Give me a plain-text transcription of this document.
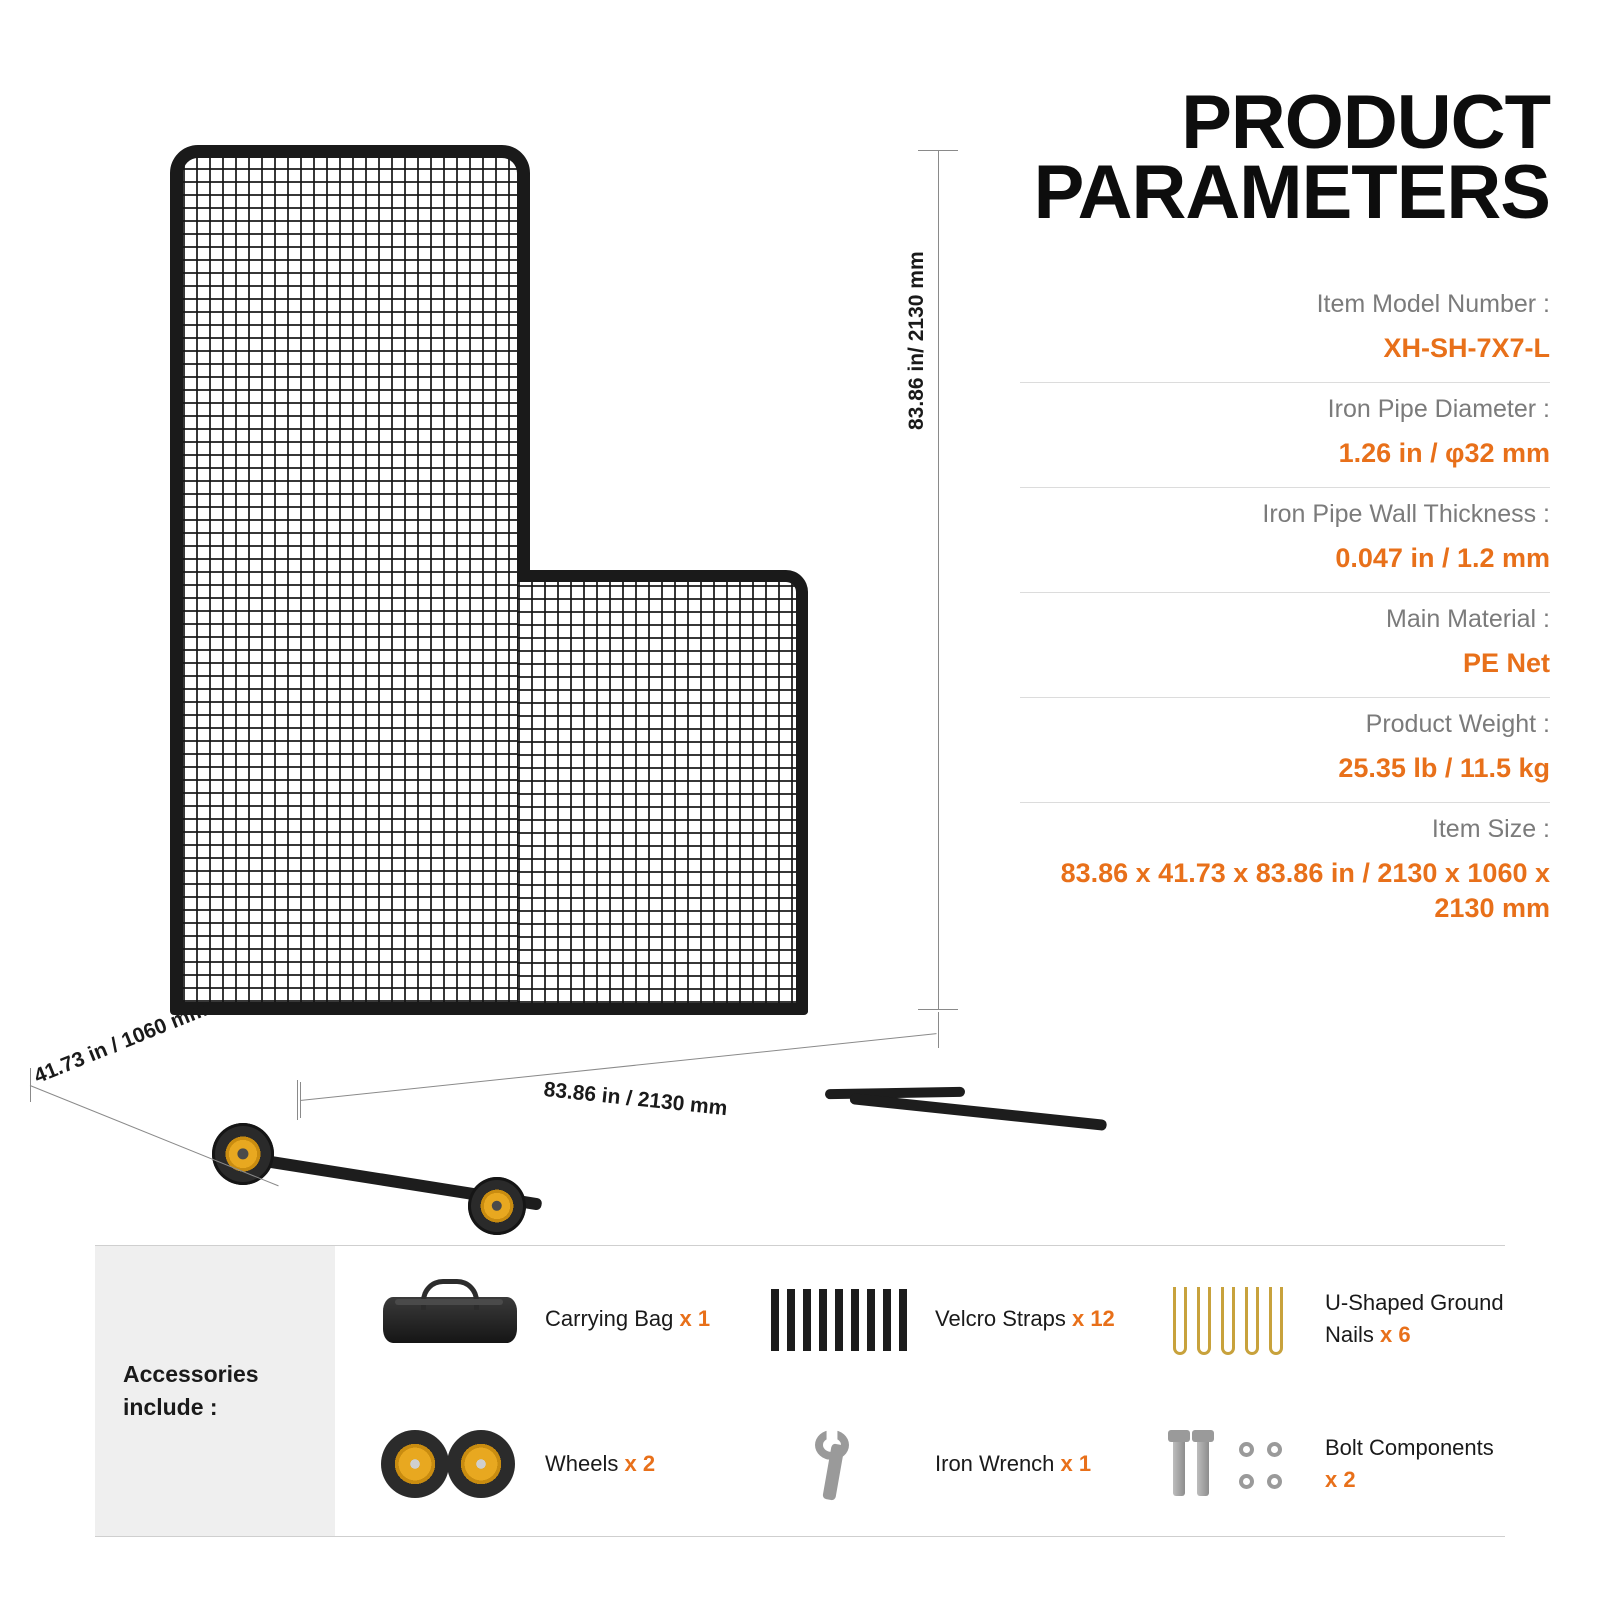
83.86 in/ 2130 mm
83.86 in / 2130 mm
41.73 in / 1060 mm
PRODUCT
PARAMETERS
Item Model Number :
XH-SH-7X7-L
Iron Pipe Diameter :
1.26 in / φ32 mm
Iron Pipe Wall Thickness :
0.047 in / 1.2 mm
Main Material :
PE Net
Product Weight :
25.35 lb / 11.5 kg
Item Size :
83.86 x 41.73 x 83.86 in / 2130 x 1060 x 2130 mm
Accessories include :
Carrying Bag x 1	Velcro Straps x 12
U-Shaped Ground Nails x 6
Wheels x 2	Iron Wrench x 1
Bolt Components x 2
